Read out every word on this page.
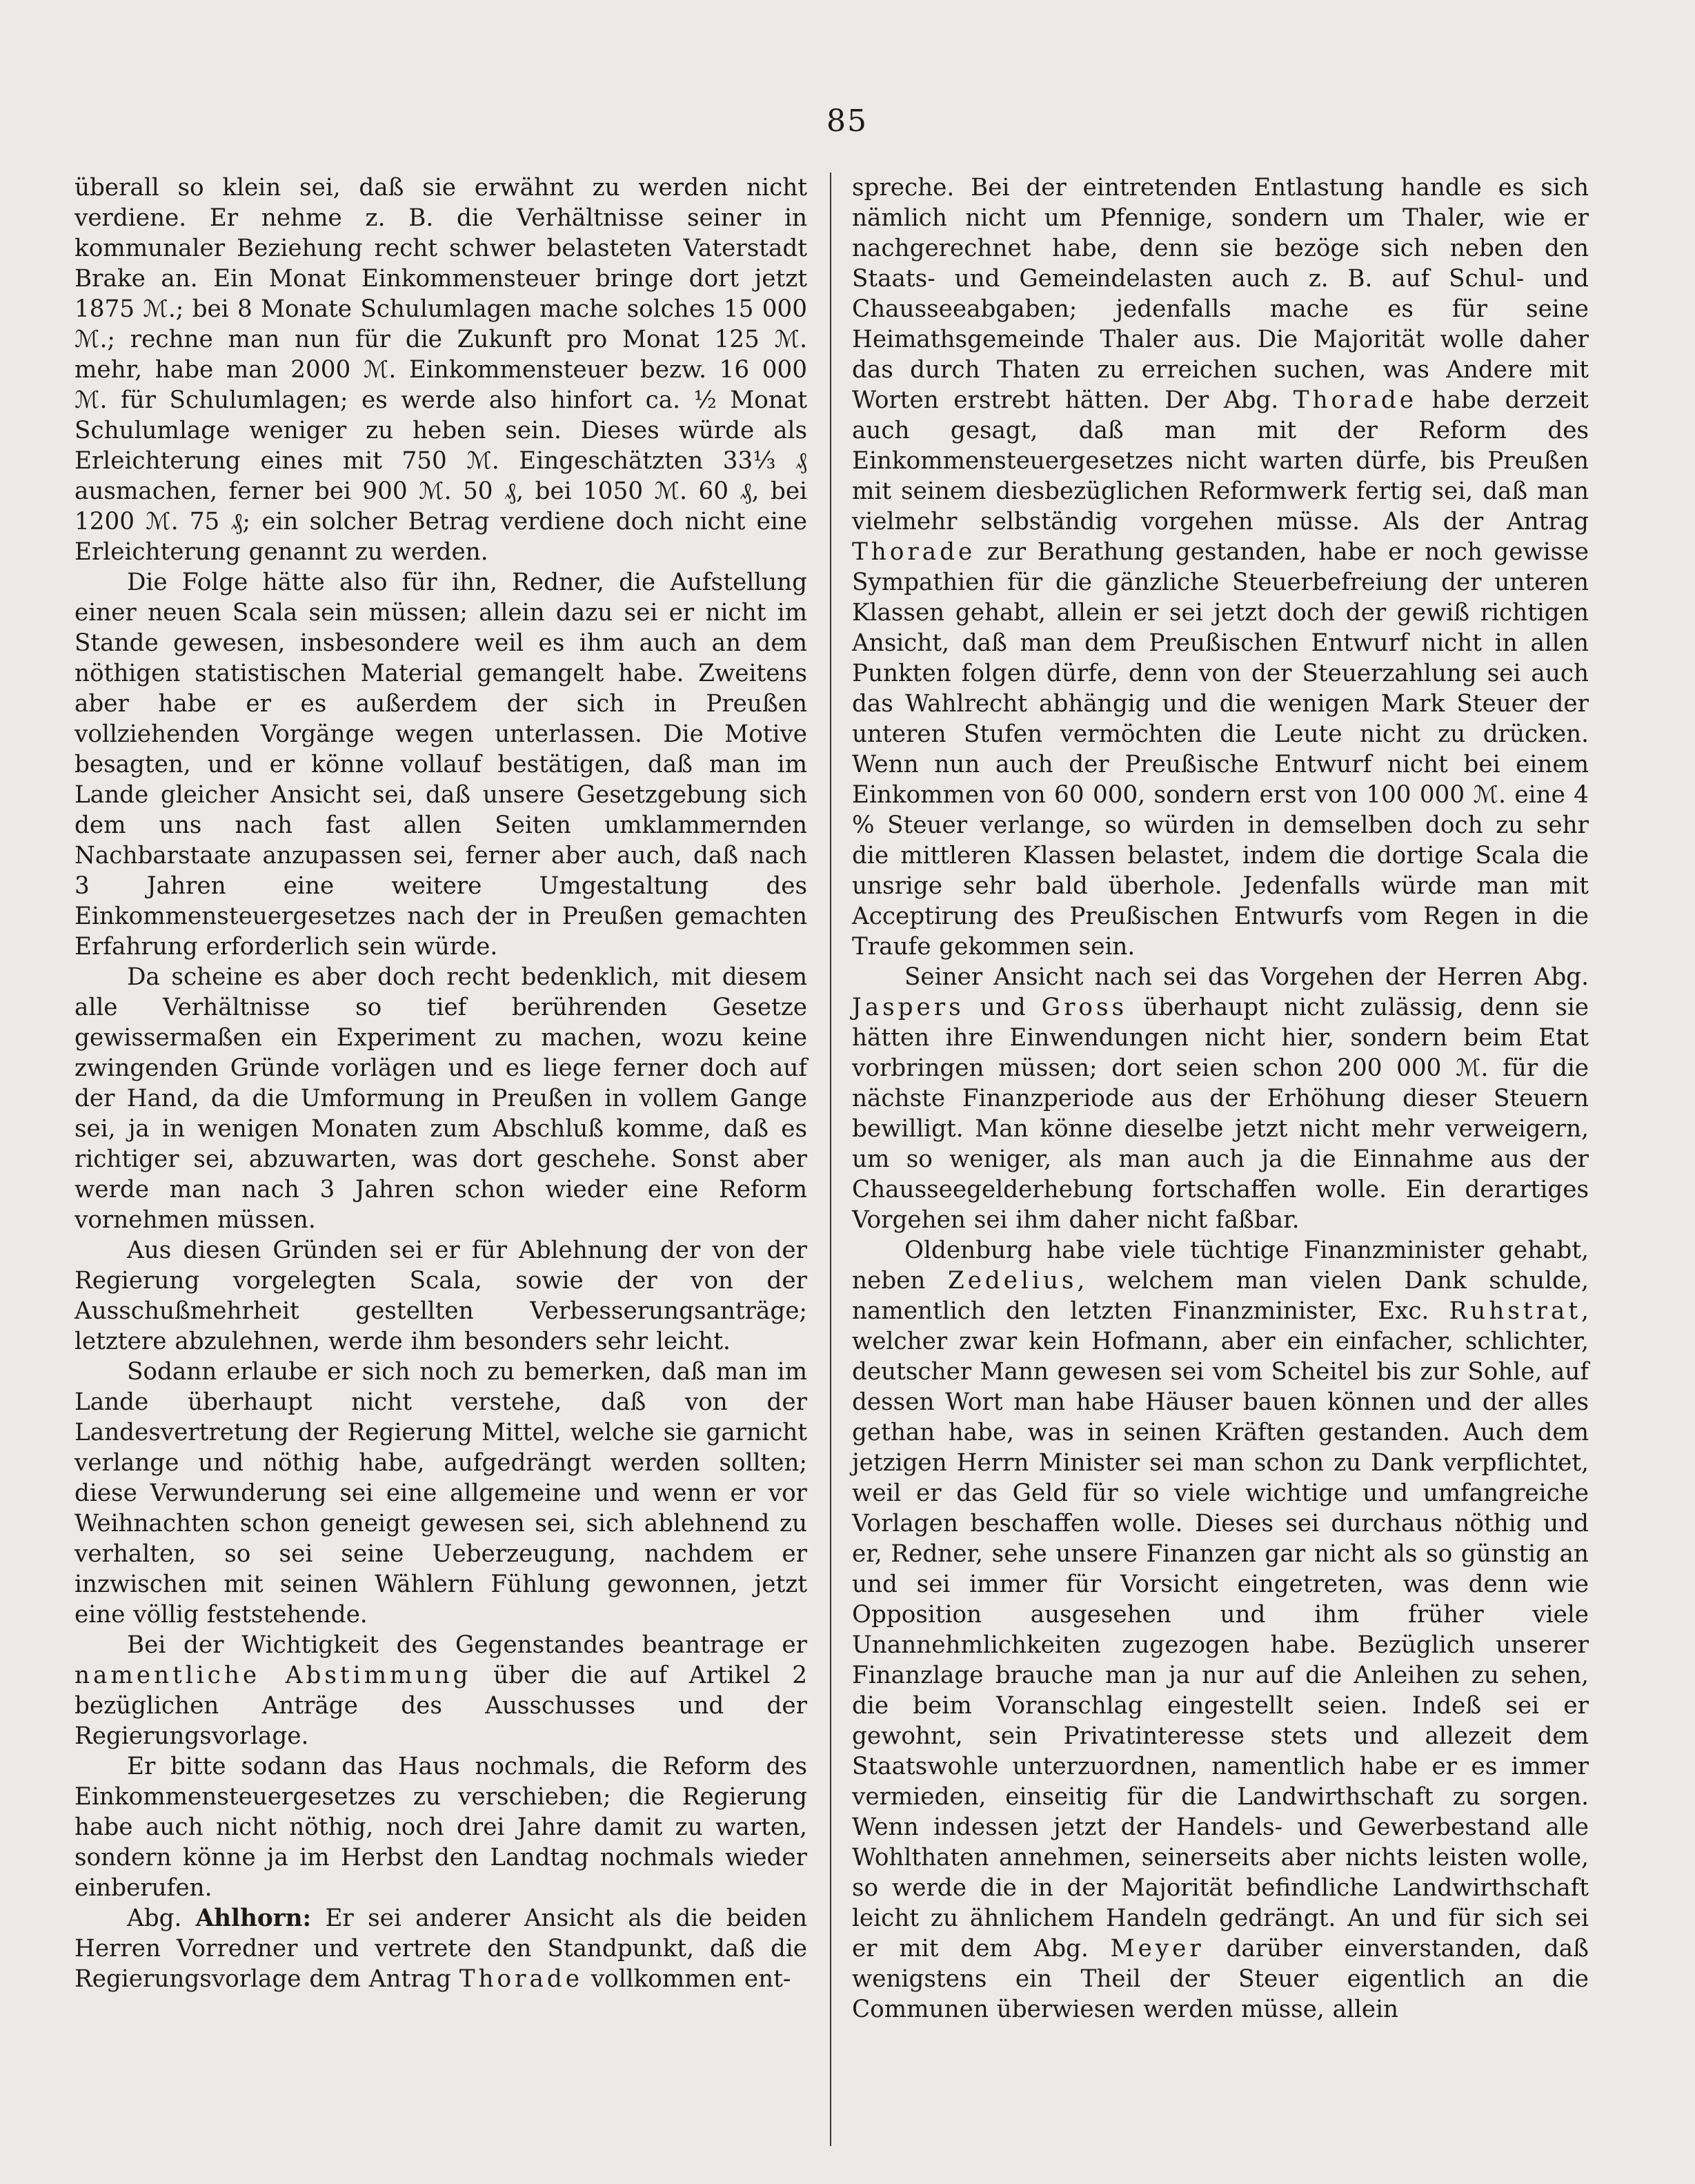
85

überall so klein sei, daß sie erwähnt zu werden nicht verdiene. Er nehme z. B. die Verhältnisse seiner in kommunaler Beziehung recht schwer belasteten Vaterstadt Brake an. Ein Monat Einkommensteuer bringe dort jetzt 1875 ℳ.; bei 8 Monate Schulumlagen mache solches 15 000 ℳ.; rechne man nun für die Zukunft pro Monat 125 ℳ. mehr, habe man 2000 ℳ. Einkommensteuer bezw. 16 000 ℳ. für Schulumlagen; es werde also hinfort ca. ½ Monat Schulumlage weniger zu heben sein. Dieses würde als Erleichterung eines mit 750 ℳ. Eingeschätzten 33⅓ ₰ ausmachen, ferner bei 900 ℳ. 50 ₰, bei 1050 ℳ. 60 ₰, bei 1200 ℳ. 75 ₰; ein solcher Betrag verdiene doch nicht eine Erleichterung genannt zu werden.

Die Folge hätte also für ihn, Redner, die Aufstellung einer neuen Scala sein müssen; allein dazu sei er nicht im Stande gewesen, insbesondere weil es ihm auch an dem nöthigen statistischen Material gemangelt habe. Zweitens aber habe er es außerdem der sich in Preußen vollziehenden Vorgänge wegen unterlassen. Die Motive besagten, und er könne vollauf bestätigen, daß man im Lande gleicher Ansicht sei, daß unsere Gesetzgebung sich dem uns nach fast allen Seiten umklammernden Nachbarstaate anzupassen sei, ferner aber auch, daß nach 3 Jahren eine weitere Umgestaltung des Einkommensteuergesetzes nach der in Preußen gemachten Erfahrung erforderlich sein würde.

Da scheine es aber doch recht bedenklich, mit diesem alle Verhältnisse so tief berührenden Gesetze gewissermaßen ein Experiment zu machen, wozu keine zwingenden Gründe vorlägen und es liege ferner doch auf der Hand, da die Umformung in Preußen in vollem Gange sei, ja in wenigen Monaten zum Abschluß komme, daß es richtiger sei, abzuwarten, was dort geschehe. Sonst aber werde man nach 3 Jahren schon wieder eine Reform vornehmen müssen.

Aus diesen Gründen sei er für Ablehnung der von der Regierung vorgelegten Scala, sowie der von der Ausschußmehrheit gestellten Verbesserungsanträge; letztere abzulehnen, werde ihm besonders sehr leicht.

Sodann erlaube er sich noch zu bemerken, daß man im Lande überhaupt nicht verstehe, daß von der Landesvertretung der Regierung Mittel, welche sie garnicht verlange und nöthig habe, aufgedrängt werden sollten; diese Verwunderung sei eine allgemeine und wenn er vor Weihnachten schon geneigt gewesen sei, sich ablehnend zu verhalten, so sei seine Ueberzeugung, nachdem er inzwischen mit seinen Wählern Fühlung gewonnen, jetzt eine völlig feststehende.

Bei der Wichtigkeit des Gegenstandes beantrage er namentliche Abstimmung über die auf Artikel 2 bezüglichen Anträge des Ausschusses und der Regierungsvorlage.

Er bitte sodann das Haus nochmals, die Reform des Einkommensteuergesetzes zu verschieben; die Regierung habe auch nicht nöthig, noch drei Jahre damit zu warten, sondern könne ja im Herbst den Landtag nochmals wieder einberufen.

Abg. Ahlhorn: Er sei anderer Ansicht als die beiden Herren Vorredner und vertrete den Standpunkt, daß die Regierungsvorlage dem Antrag Thorade vollkommen ent-

spreche. Bei der eintretenden Entlastung handle es sich nämlich nicht um Pfennige, sondern um Thaler, wie er nachgerechnet habe, denn sie bezöge sich neben den Staats- und Gemeindelasten auch z. B. auf Schul- und Chausseeabgaben; jedenfalls mache es für seine Heimathsgemeinde Thaler aus. Die Majorität wolle daher das durch Thaten zu erreichen suchen, was Andere mit Worten erstrebt hätten. Der Abg. Thorade habe derzeit auch gesagt, daß man mit der Reform des Einkommensteuergesetzes nicht warten dürfe, bis Preußen mit seinem diesbezüglichen Reformwerk fertig sei, daß man vielmehr selbständig vorgehen müsse. Als der Antrag Thorade zur Berathung gestanden, habe er noch gewisse Sympathien für die gänzliche Steuerbefreiung der unteren Klassen gehabt, allein er sei jetzt doch der gewiß richtigen Ansicht, daß man dem Preußischen Entwurf nicht in allen Punkten folgen dürfe, denn von der Steuerzahlung sei auch das Wahlrecht abhängig und die wenigen Mark Steuer der unteren Stufen vermöchten die Leute nicht zu drücken. Wenn nun auch der Preußische Entwurf nicht bei einem Einkommen von 60 000, sondern erst von 100 000 ℳ. eine 4 % Steuer verlange, so würden in demselben doch zu sehr die mittleren Klassen belastet, indem die dortige Scala die unsrige sehr bald überhole. Jedenfalls würde man mit Acceptirung des Preußischen Entwurfs vom Regen in die Traufe gekommen sein.

Seiner Ansicht nach sei das Vorgehen der Herren Abg. Jaspers und Gross überhaupt nicht zulässig, denn sie hätten ihre Einwendungen nicht hier, sondern beim Etat vorbringen müssen; dort seien schon 200 000 ℳ. für die nächste Finanzperiode aus der Erhöhung dieser Steuern bewilligt. Man könne dieselbe jetzt nicht mehr verweigern, um so weniger, als man auch ja die Einnahme aus der Chausseegelderhebung fortschaffen wolle. Ein derartiges Vorgehen sei ihm daher nicht faßbar.

Oldenburg habe viele tüchtige Finanzminister gehabt, neben Zedelius, welchem man vielen Dank schulde, namentlich den letzten Finanzminister, Exc. Ruhstrat, welcher zwar kein Hofmann, aber ein einfacher, schlichter, deutscher Mann gewesen sei vom Scheitel bis zur Sohle, auf dessen Wort man habe Häuser bauen können und der alles gethan habe, was in seinen Kräften gestanden. Auch dem jetzigen Herrn Minister sei man schon zu Dank verpflichtet, weil er das Geld für so viele wichtige und umfangreiche Vorlagen beschaffen wolle. Dieses sei durchaus nöthig und er, Redner, sehe unsere Finanzen gar nicht als so günstig an und sei immer für Vorsicht eingetreten, was denn wie Opposition ausgesehen und ihm früher viele Unannehmlichkeiten zugezogen habe. Bezüglich unserer Finanzlage brauche man ja nur auf die Anleihen zu sehen, die beim Voranschlag eingestellt seien. Indeß sei er gewohnt, sein Privatinteresse stets und allezeit dem Staatswohle unterzuordnen, namentlich habe er es immer vermieden, einseitig für die Landwirthschaft zu sorgen. Wenn indessen jetzt der Handels- und Gewerbestand alle Wohlthaten annehmen, seinerseits aber nichts leisten wolle, so werde die in der Majorität befindliche Landwirthschaft leicht zu ähnlichem Handeln gedrängt. An und für sich sei er mit dem Abg. Meyer darüber einverstanden, daß wenigstens ein Theil der Steuer eigentlich an die Communen überwiesen werden müsse, allein
